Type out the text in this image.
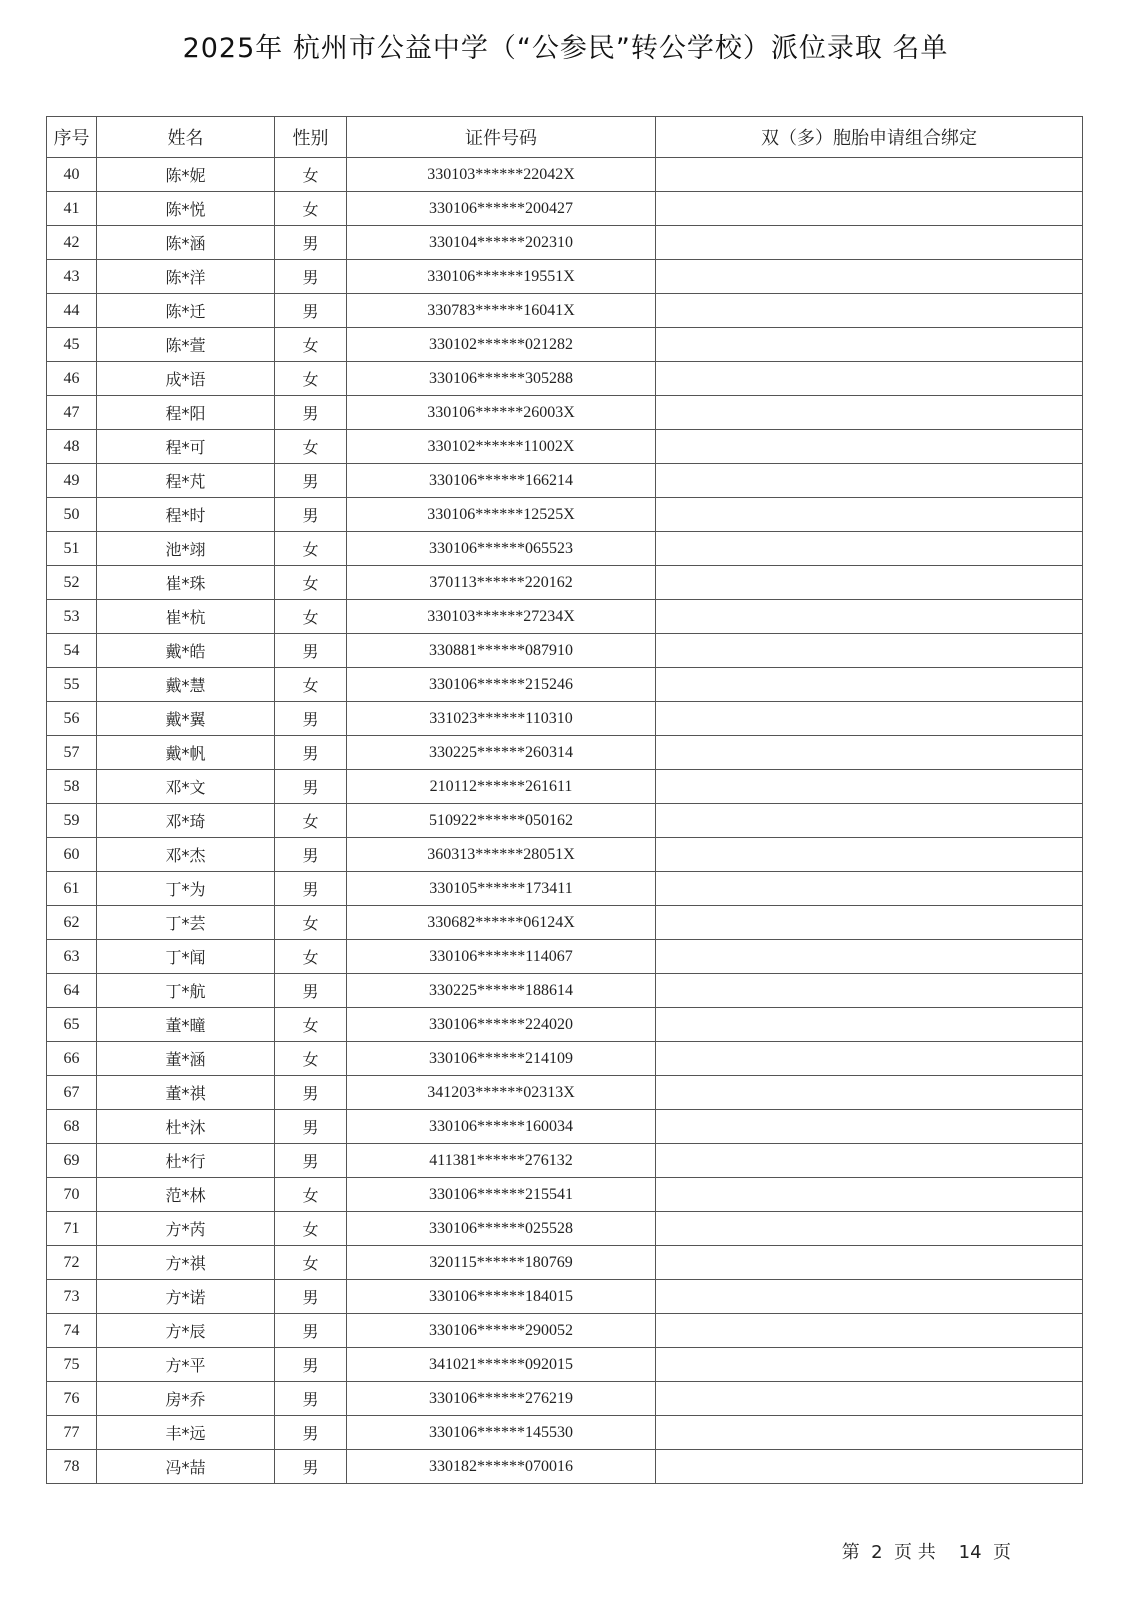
2025年 杭州市公益中学（“公参民”转公学校）派位录取 名单
序号	姓名	性别	证件号码	双（多）胞胎申请组合绑定
40	陈*妮	女	330103******22042X	
41	陈*悦	女	330106******200427	
42	陈*涵	男	330104******202310	
43	陈*洋	男	330106******19551X	
44	陈*迁	男	330783******16041X	
45	陈*萱	女	330102******021282	
46	成*语	女	330106******305288	
47	程*阳	男	330106******26003X	
48	程*可	女	330102******11002X	
49	程*芃	男	330106******166214	
50	程*时	男	330106******12525X	
51	池*翊	女	330106******065523	
52	崔*珠	女	370113******220162	
53	崔*杭	女	330103******27234X	
54	戴*皓	男	330881******087910	
55	戴*慧	女	330106******215246	
56	戴*翼	男	331023******110310	
57	戴*帆	男	330225******260314	
58	邓*文	男	210112******261611	
59	邓*琦	女	510922******050162	
60	邓*杰	男	360313******28051X	
61	丁*为	男	330105******173411	
62	丁*芸	女	330682******06124X	
63	丁*闻	女	330106******114067	
64	丁*航	男	330225******188614	
65	董*曈	女	330106******224020	
66	董*涵	女	330106******214109	
67	董*祺	男	341203******02313X	
68	杜*沐	男	330106******160034	
69	杜*行	男	411381******276132	
70	范*林	女	330106******215541	
71	方*芮	女	330106******025528	
72	方*祺	女	320115******180769	
73	方*诺	男	330106******184015	
74	方*辰	男	330106******290052	
75	方*平	男	341021******092015	
76	房*乔	男	330106******276219	
77	丰*远	男	330106******145530	
78	冯*喆	男	330182******070016	
第  2  页 共    14  页
